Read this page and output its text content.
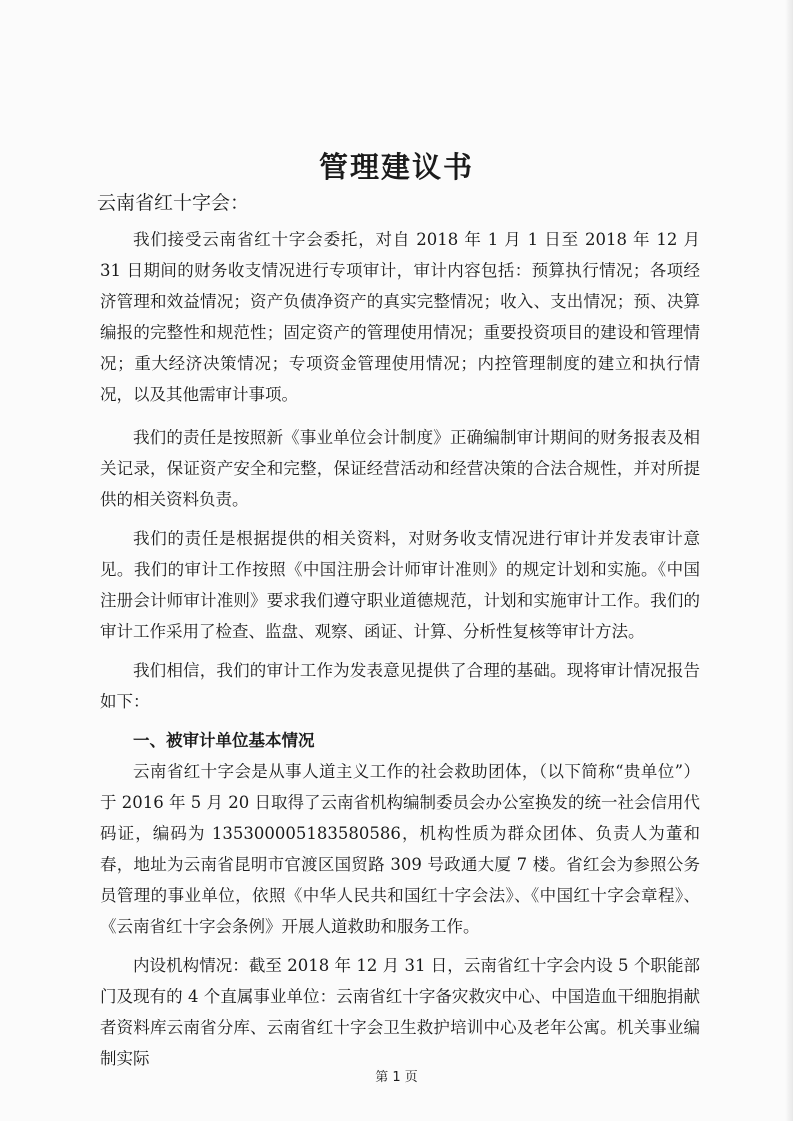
管理建议书
云南省红十字会：

我们接受云南省红十字会委托，对自 2018 年 1 月 1 日至 2018 年 12 月 31 日期间的财务收支情况进行专项审计，审计内容包括：预算执行情况；各项经济管理和效益情况；资产负债净资产的真实完整情况；收入、支出情况；预、决算编报的完整性和规范性；固定资产的管理使用情况；重要投资项目的建设和管理情况；重大经济决策情况；专项资金管理使用情况；内控管理制度的建立和执行情况，以及其他需审计事项。

我们的责任是按照新《事业单位会计制度》正确编制审计期间的财务报表及相关记录，保证资产安全和完整，保证经营活动和经营决策的合法合规性，并对所提供的相关资料负责。

我们的责任是根据提供的相关资料，对财务收支情况进行审计并发表审计意见。我们的审计工作按照《中国注册会计师审计准则》的规定计划和实施。《中国注册会计师审计准则》要求我们遵守职业道德规范，计划和实施审计工作。我们的审计工作采用了检查、监盘、观察、函证、计算、分析性复核等审计方法。

我们相信，我们的审计工作为发表意见提供了合理的基础。现将审计情况报告如下：

一、被审计单位基本情况

云南省红十字会是从事人道主义工作的社会救助团体，（以下简称“贵单位”）于 2016 年 5 月 20 日取得了云南省机构编制委员会办公室换发的统一社会信用代码证，编码为 13530000518358058​6，机构性质为群众团体、负责人为董和春，地址为云南省昆明市官渡区国贸路 309 号政通大厦 7 楼。省红会为参照公务员管理的事业单位，依照《中华人民共和国红十字会法》、《中国红十字会章程》、《云南省红十字会条例》开展人道救助和服务工作。

内设机构情况：截至 2018 年 12 月 31 日，云南省红十字会内设 5 个职能部门及现有的 4 个直属事业单位：云南省红十字备灾救灾中心、中国造血干细胞捐献者资料库云南省分库、云南省红十字会卫生救护培训中心及老年公寓。机关事业编制实际

第 1 页
